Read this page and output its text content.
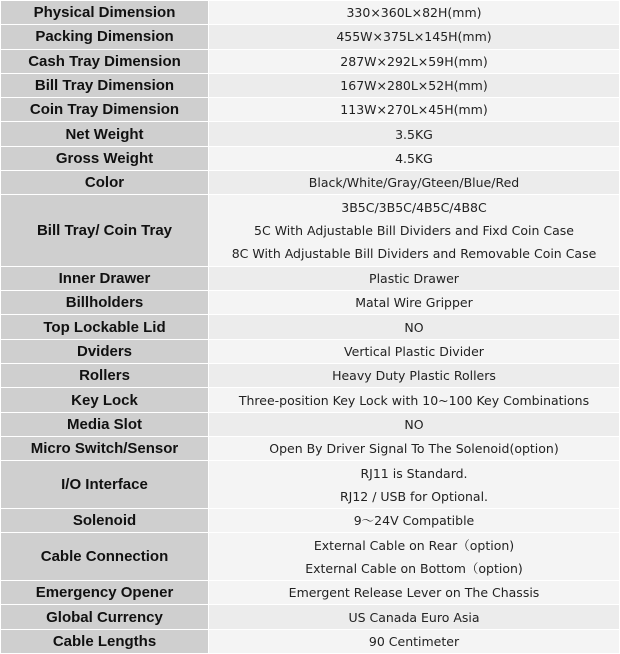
Physical Dimension	330×360L×82H(mm)

Packing Dimension	455W×375L×145H(mm)

Cash Tray Dimension	287W×292L×59H(mm)

Bill Tray Dimension	167W×280L×52H(mm)

Coin Tray Dimension	113W×270L×45H(mm)

Net Weight	3.5KG

Gross Weight	4.5KG

Color	Black/White/Gray/Gteen/Blue/Red

Bill Tray/ Coin Tray	3B5C/3B5C/4B5C/4B8C
5C With Adjustable Bill Dividers and Fixd Coin Case
8C With Adjustable Bill Dividers and Removable Coin Case

Inner Drawer	Plastic Drawer

Billholders	Matal Wire Gripper

Top Lockable Lid	NO

Dviders	Vertical Plastic Divider

Rollers	Heavy Duty Plastic Rollers

Key Lock	Three-position Key Lock with 10~100 Key Combinations

Media Slot	NO

Micro Switch/Sensor	Open By Driver Signal To The Solenoid(option)

I/O Interface	RJ11 is Standard.
RJ12 / USB for Optional.

Solenoid	9～24V Compatible

Cable Connection	External Cable on Rear（option)
External Cable on Bottom（option)

Emergency Opener	Emergent Release Lever on The Chassis

Global Currency	US Canada Euro Asia

Cable Lengths	90 Centimeter
